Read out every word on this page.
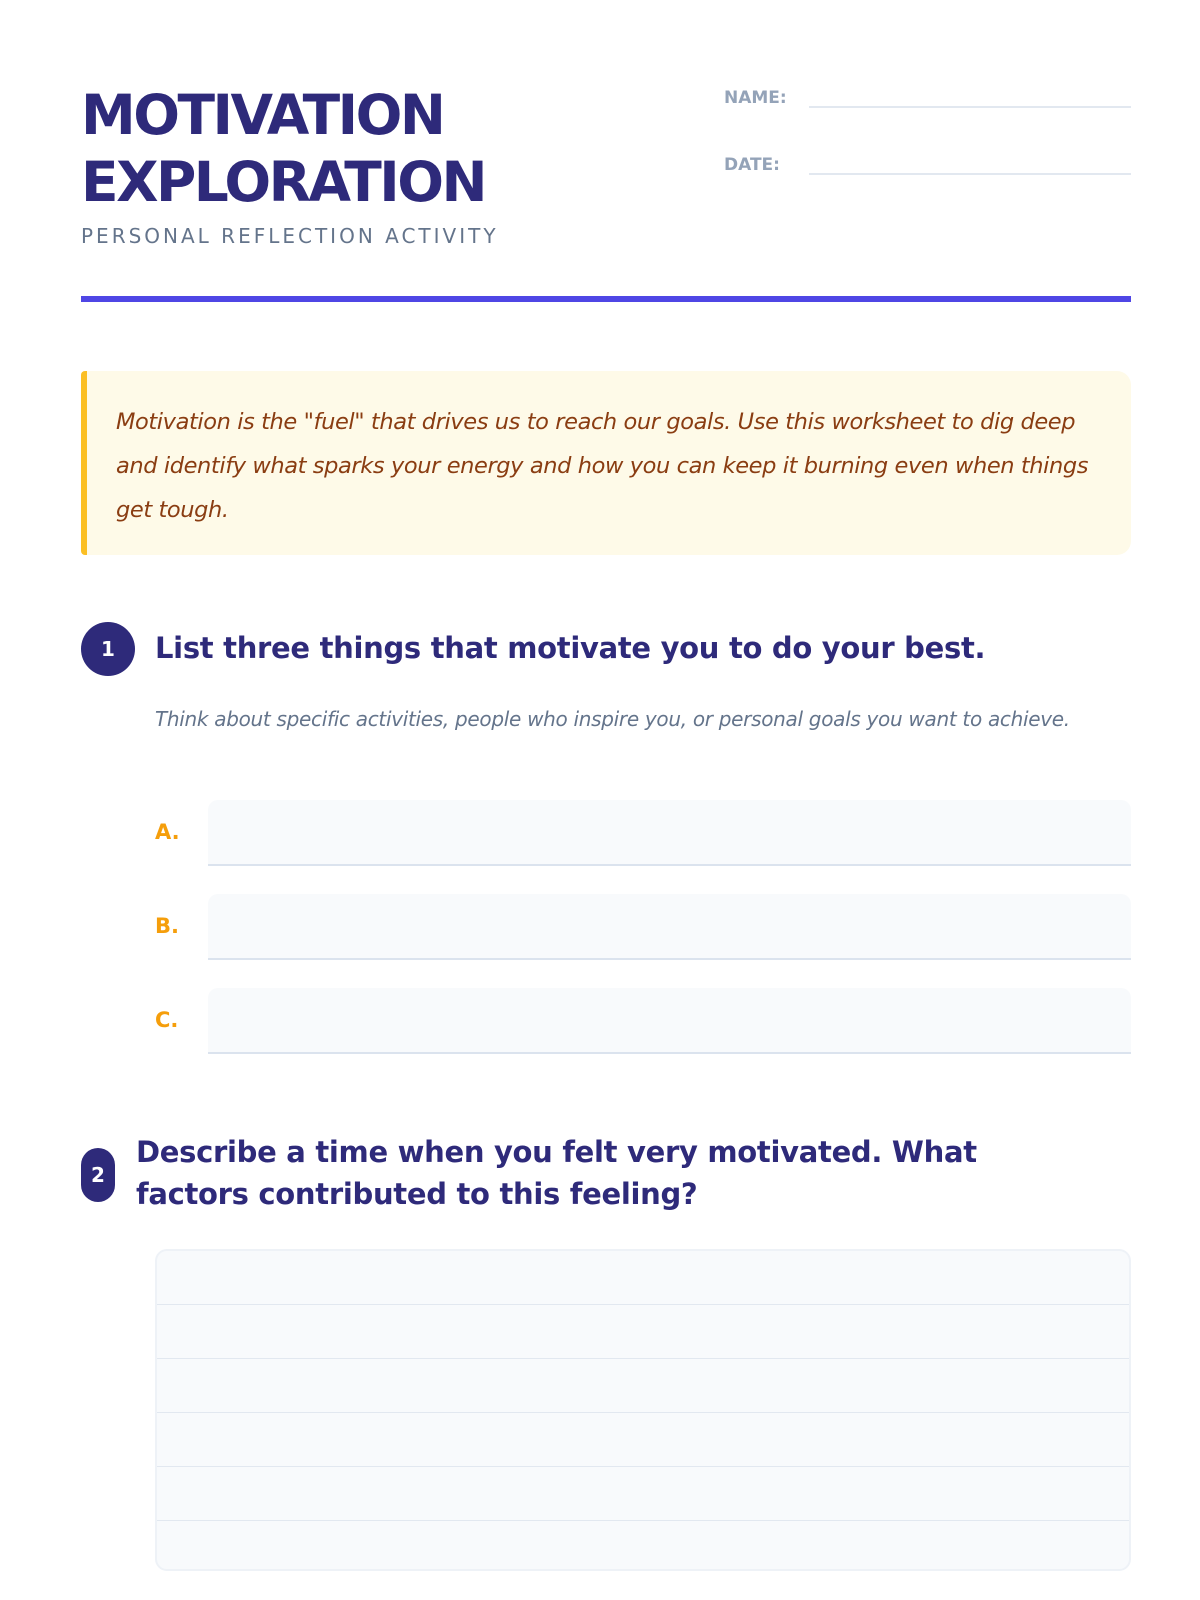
MOTIVATION
EXPLORATION
PERSONAL REFLECTION ACTIVITY
NAME:
DATE:

Motivation is the "fuel" that drives us to reach our goals. Use this worksheet to dig deep and identify what sparks your energy and how you can keep it burning even when things get tough.

1	List three things that motivate you to do your best.

Think about specific activities, people who inspire you, or personal goals you want to achieve.

A.
B.
C.
2
Describe a time when you felt very motivated. What factors contributed to this feeling?
